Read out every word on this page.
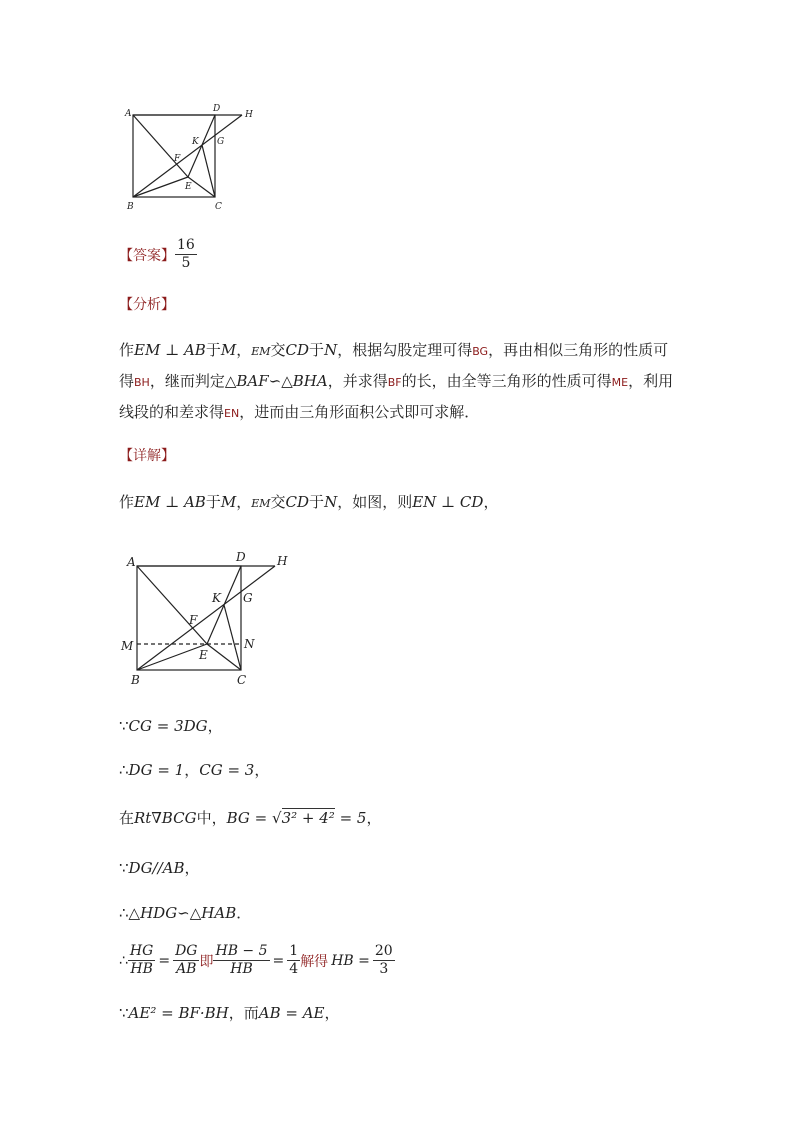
A	D
H
K G
F
E
B	C
【答案】 $\frac{16}{5}$
【分析】
作EM ⊥ AB于M，EM交CD于N，根据勾股定理可得BG，再由相似三角形的性质可
得BH，继而判定△BAF∽△BHA，并求得BF的长，由全等三角形的性质可得ME，利用
线段的和差求得EN，进而由三角形面积公式即可求解．
【详解】
作EM ⊥ AB于M，EM交CD于N，如图，则EN ⊥ CD，
A	D	H
K G
F
M	N
E
B	C
∵CG = 3DG，
∴DG = 1，CG = 3，
在Rt∇BCG中，BG = √3² + 4² = 5，
∵DG//AB，
∴△HDG∽△HAB．
∴ $\frac{HG}{HB} = \frac{DG}{AB}$ 即 $\frac{HB - 5}{HB} = \frac{1}{4}$ 解得 HB = $\frac{20}{3}$
∵AE² = BF·BH，而AB = AE，
